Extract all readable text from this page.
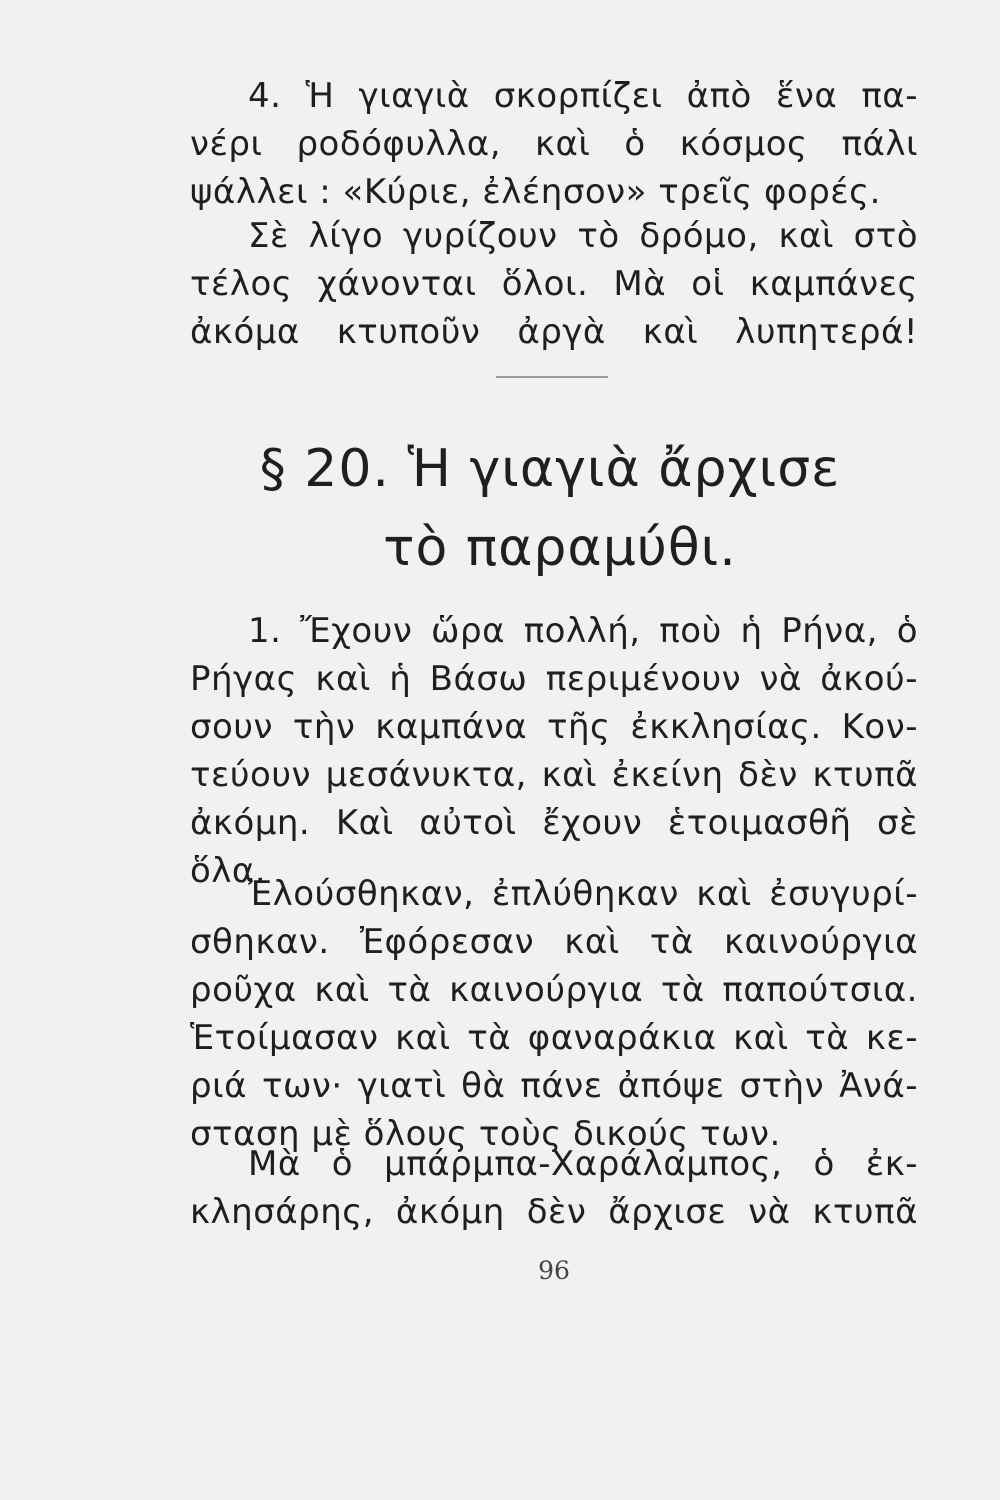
4. Ἡ γιαγιὰ σκορπίζει ἀπὸ ἕνα πα-
νέρι ροδόφυλλα, καὶ ὁ κόσμος πάλι
ψάλλει : «Κύριε, ἐλέησον» τρεῖς φορές.
Σὲ λίγο γυρίζουν τὸ δρόμο, καὶ στὸ
τέλος χάνονται ὅλοι. Μὰ οἱ καμπάνες
ἀκόμα κτυποῦν ἀργὰ καὶ λυπητερά!
§ 20. Ἡ γιαγιὰ ἄρχισε
τὸ παραμύθι.
1. Ἔχουν ὥρα πολλή, ποὺ ἡ Ρήνα, ὁ
Ρήγας καὶ ἡ Βάσω περιμένουν νὰ ἀκού-
σουν τὴν καμπάνα τῆς ἐκκλησίας. Κον-
τεύουν μεσάνυκτα, καὶ ἐκείνη δὲν κτυπᾶ
ἀκόμη. Καὶ αὐτοὶ ἔχουν ἑτοιμασθῆ σὲ
ὅλα.
Ἐλούσθηκαν, ἐπλύθηκαν καὶ ἐσυγυρί-
σθηκαν. Ἐφόρεσαν καὶ τὰ καινούργια
ροῦχα καὶ τὰ καινούργια τὰ παπούτσια.
Ἑτοίμασαν καὶ τὰ φαναράκια καὶ τὰ κε-
ριά των· γιατὶ θὰ πάνε ἀπόψε στὴν Ἀνά-
σταση μὲ ὅλους τοὺς δικούς των.
Μὰ ὁ μπάρμπα-Χαράλαμπος, ὁ ἐκ-
κλησάρης, ἀκόμη δὲν ἄρχισε νὰ κτυπᾶ
96
